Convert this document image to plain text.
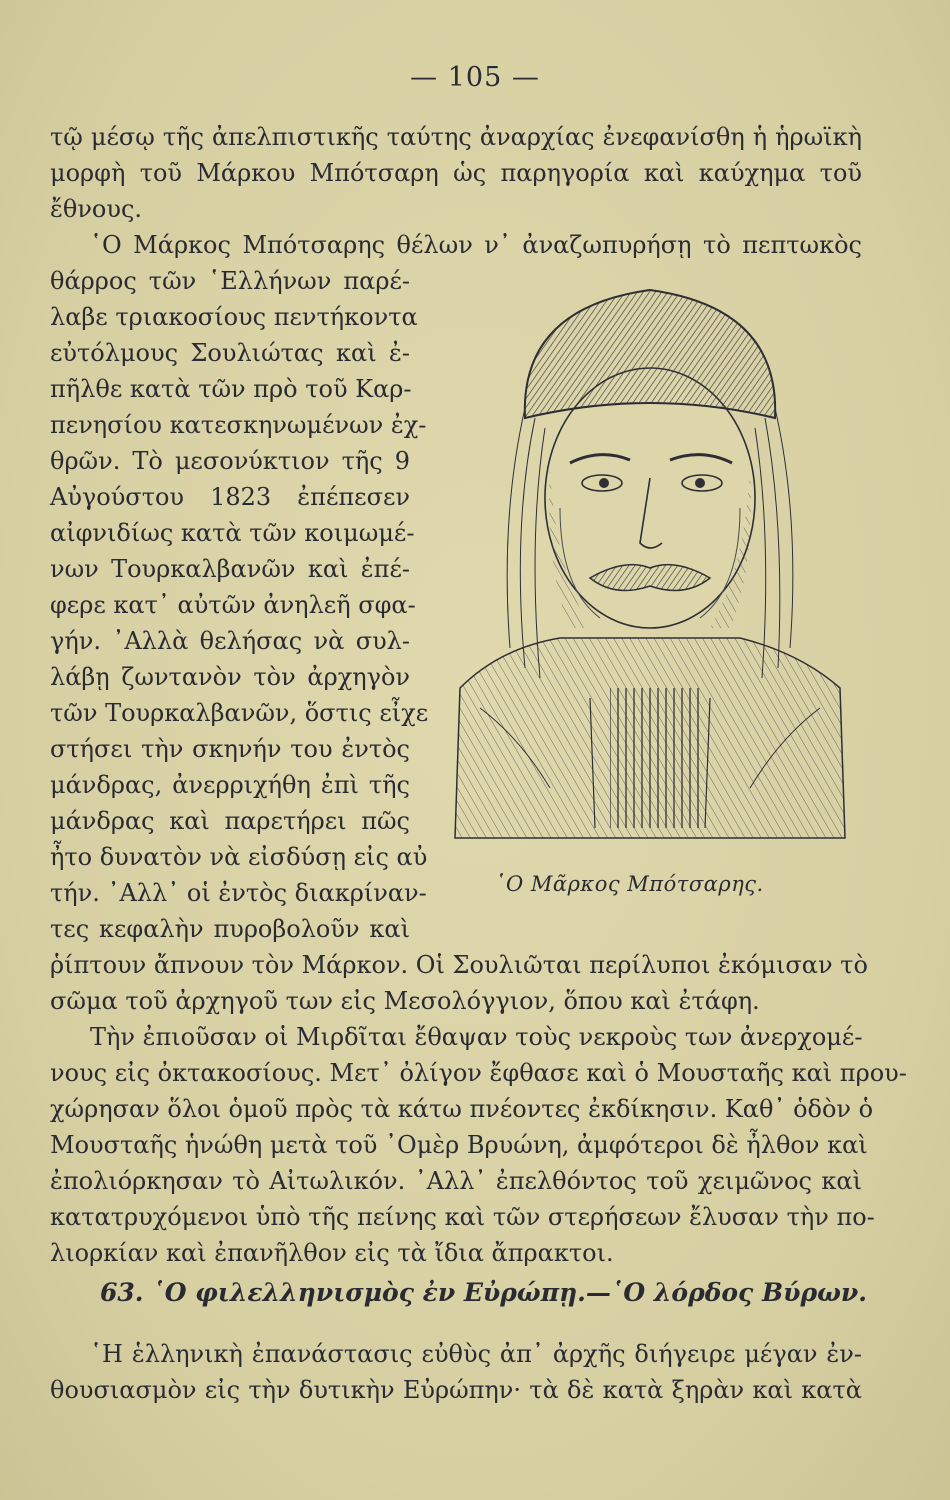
— 105 —
τῷ μέσῳ τῆς ἀπελπιστικῆς ταύτης ἀναρχίας ἐνεφανίσθη ἡ ἡρωϊκὴ
μορφὴ τοῦ Μάρκου Μπότσαρη ὡς παρηγορία καὶ καύχημα τοῦ
ἔθνους.
῾Ο Μάρκος Μπότσαρης θέλων ν᾽ ἀναζωπυρήσῃ τὸ πεπτωκὸς
θάρρος τῶν ῾Ελλήνων παρέ-
λαβε τριακοσίους πεντήκοντα
εὐτόλμους Σουλιώτας καὶ ἐ-
πῆλθε κατὰ τῶν πρὸ τοῦ Καρ-
πενησίου κατεσκηνωμένων ἐχ-
θρῶν. Τὸ μεσονύκτιον τῆς 9
Αὐγούστου 1823 ἐπέπεσεν
αἰφνιδίως κατὰ τῶν κοιμωμέ-
νων Τουρκαλβανῶν καὶ ἐπέ-
φερε κατ᾽ αὐτῶν ἀνηλεῆ σφα-
γήν. ᾽Αλλὰ θελήσας νὰ συλ-
λάβῃ ζωντανὸν τὸν ἀρχηγὸν
τῶν Τουρκαλβανῶν, ὅστις εἶχε
στήσει τὴν σκηνήν του ἐντὸς
μάνδρας, ἀνερριχήθη ἐπὶ τῆς
μάνδρας καὶ παρετήρει πῶς
ἦτο δυνατὸν νὰ εἰσδύσῃ εἰς αὐ
τήν. ᾽Αλλ᾽ οἱ ἐντὸς διακρίναν-
τες κεφαλὴν πυροβολοῦν καὶ
ῥίπτουν ἄπνουν τὸν Μάρκον. Οἱ Σουλιῶται περίλυποι ἐκόμισαν τὸ
σῶμα τοῦ ἀρχηγοῦ των εἰς Μεσολόγγιον, ὅπου καὶ ἐτάφη.
Τὴν ἐπιοῦσαν οἱ Μιρδῖται ἔθαψαν τοὺς νεκροὺς των ἀνερχομέ-
νους εἰς ὀκτακοσίους. Μετ᾽ ὀλίγον ἔφθασε καὶ ὁ Μουσταῆς καὶ πρου-
χώρησαν ὅλοι ὁμοῦ πρὸς τὰ κάτω πνέοντες ἐκδίκησιν. Καθ᾽ ὁδὸν ὁ
Μουσταῆς ἡνώθη μετὰ τοῦ ᾽Ομὲρ Βρυώνη, ἀμφότεροι δὲ ἦλθον καὶ
ἐπολιόρκησαν τὸ Αἰτωλικόν. ᾽Αλλ᾽ ἐπελθόντος τοῦ χειμῶνος καὶ
κατατρυχόμενοι ὑπὸ τῆς πείνης καὶ τῶν στερήσεων ἔλυσαν τὴν πο-
λιορκίαν καὶ ἐπανῆλθον εἰς τὰ ἴδια ἄπρακτοι.
63. ῾Ο φιλελληνισμὸς ἐν Εὐρώπῃ.—῾Ο λόρδος Βύρων.
῾Η ἑλληνικὴ ἐπανάστασις εὐθὺς ἀπ᾽ ἀρχῆς διήγειρε μέγαν ἐν-
θουσιασμὸν εἰς τὴν δυτικὴν Εὐρώπην· τὰ δὲ κατὰ ξηρὰν καὶ κατὰ
῾Ο Μᾶρκος Μπότσαρης.
